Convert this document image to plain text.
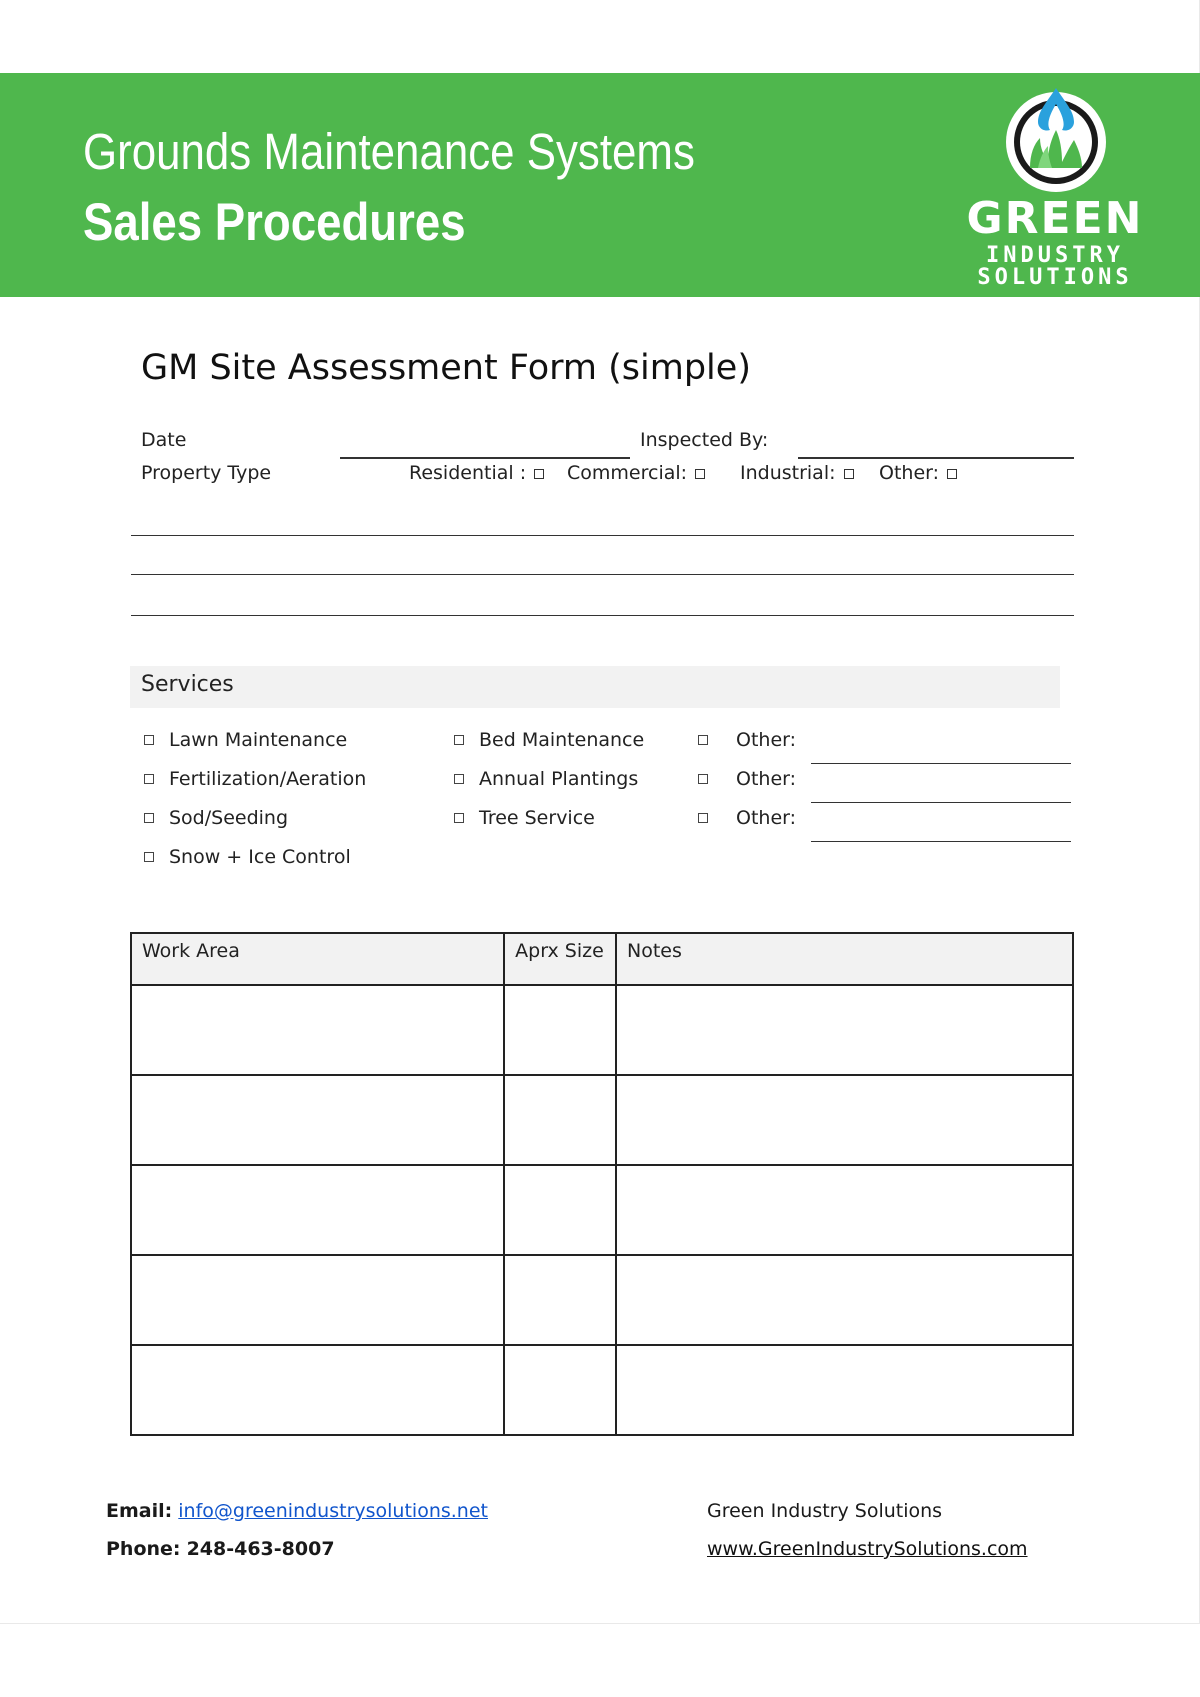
Grounds Maintenance Systems
Sales Procedures	GREEN
INDUSTRY
SOLUTIONS
GM Site Assessment Form (simple)
Date	Inspected By:
Property Type	Residential :	Commercial:	Industrial:	Other:
Services
Lawn Maintenance
Fertilization/Aeration
Sod/Seeding
Snow + Ice Control
Bed Maintenance
Annual Plantings
Tree Service
Other:
Other:
Other:
Work Area	Aprx Size	Notes

Email: info@greenindustrysolutions.net
Phone: 248-463-8007
Green Industry Solutions
www.GreenIndustrySolutions.com
